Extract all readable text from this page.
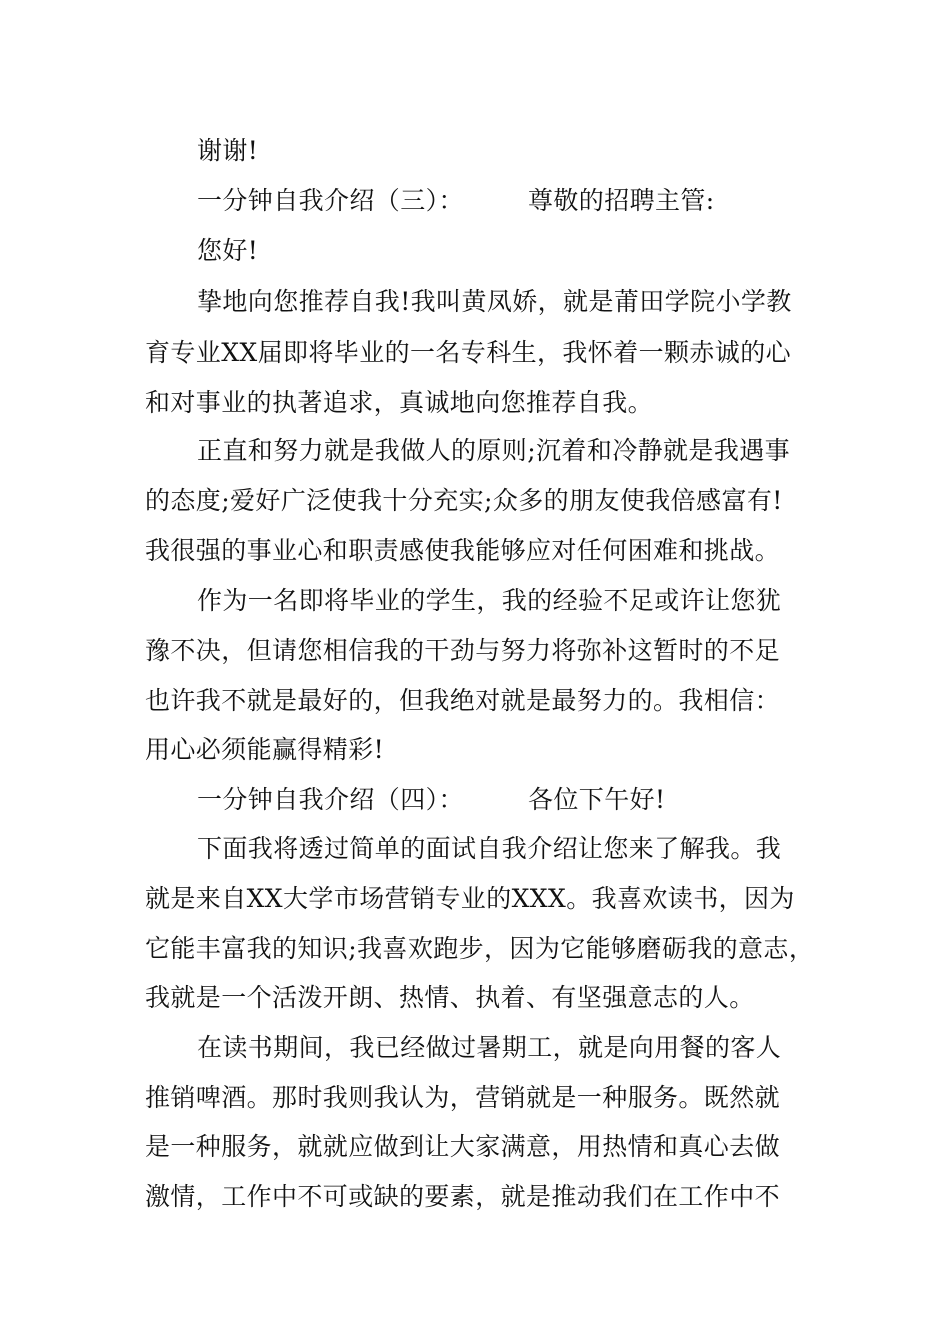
谢谢!
一分钟自我介绍（三）：	尊敬的招聘主管:
您好!
挚地向您推荐自我!我叫黄凤娇，就是莆田学院小学教
育专业XX届即将毕业的一名专科生，我怀着一颗赤诚的心
和对事业的执著追求，真诚地向您推荐自我。
正直和努力就是我做人的原则;沉着和冷静就是我遇事
的态度;爱好广泛使我十分充实;众多的朋友使我倍感富有!
我很强的事业心和职责感使我能够应对任何困难和挑战。
作为一名即将毕业的学生，我的经验不足或许让您犹
豫不决，但请您相信我的干劲与努力将弥补这暂时的不足
也许我不就是最好的，但我绝对就是最努力的。我相信：
用心必须能赢得精彩!
一分钟自我介绍（四）：	各位下午好!
下面我将透过简单的面试自我介绍让您来了解我。我
就是来自XX大学市场营销专业的XXX。我喜欢读书，因为
它能丰富我的知识;我喜欢跑步，因为它能够磨砺我的意志，
我就是一个活泼开朗、热情、执着、有坚强意志的人。
在读书期间，我已经做过暑期工，就是向用餐的客人
推销啤酒。那时我则我认为，营销就是一种服务。既然就
是一种服务，就就应做到让大家满意，用热情和真心去做
激情，工作中不可或缺的要素，就是推动我们在工作中不
